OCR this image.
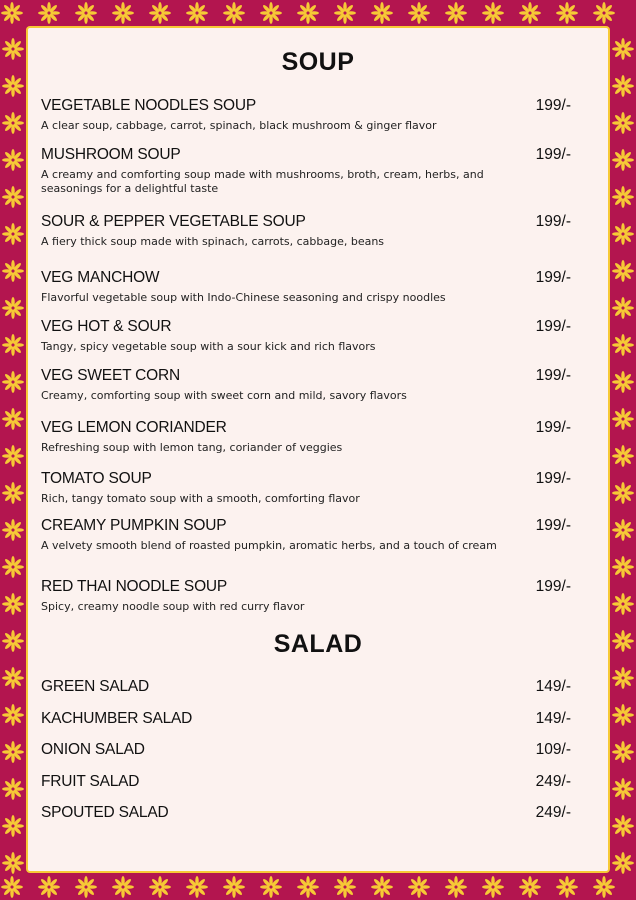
SOUP
VEGETABLE NOODLES SOUP	199/-
A clear soup, cabbage, carrot, spinach, black mushroom & ginger flavor
MUSHROOM SOUP	199/-
A creamy and comforting soup made with mushrooms, broth, cream, herbs, and seasonings for a delightful taste
SOUR & PEPPER VEGETABLE SOUP	199/-
A fiery thick soup made with spinach, carrots, cabbage, beans
VEG MANCHOW	199/-
Flavorful vegetable soup with Indo-Chinese seasoning and crispy noodles
VEG HOT & SOUR	199/-
Tangy, spicy vegetable soup with a sour kick and rich flavors
VEG SWEET CORN	199/-
Creamy, comforting soup with sweet corn and mild, savory flavors
VEG LEMON CORIANDER	199/-
Refreshing soup with lemon tang, coriander of veggies
TOMATO SOUP	199/-
Rich, tangy tomato soup with a smooth, comforting flavor
CREAMY PUMPKIN SOUP	199/-
A velvety smooth blend of roasted pumpkin, aromatic herbs, and a touch of cream
RED THAI NOODLE SOUP	199/-
Spicy, creamy noodle soup with red curry flavor
SALAD
GREEN SALAD	149/-
KACHUMBER SALAD	149/-
ONION SALAD	109/-
FRUIT SALAD	249/-
SPOUTED SALAD	249/-
